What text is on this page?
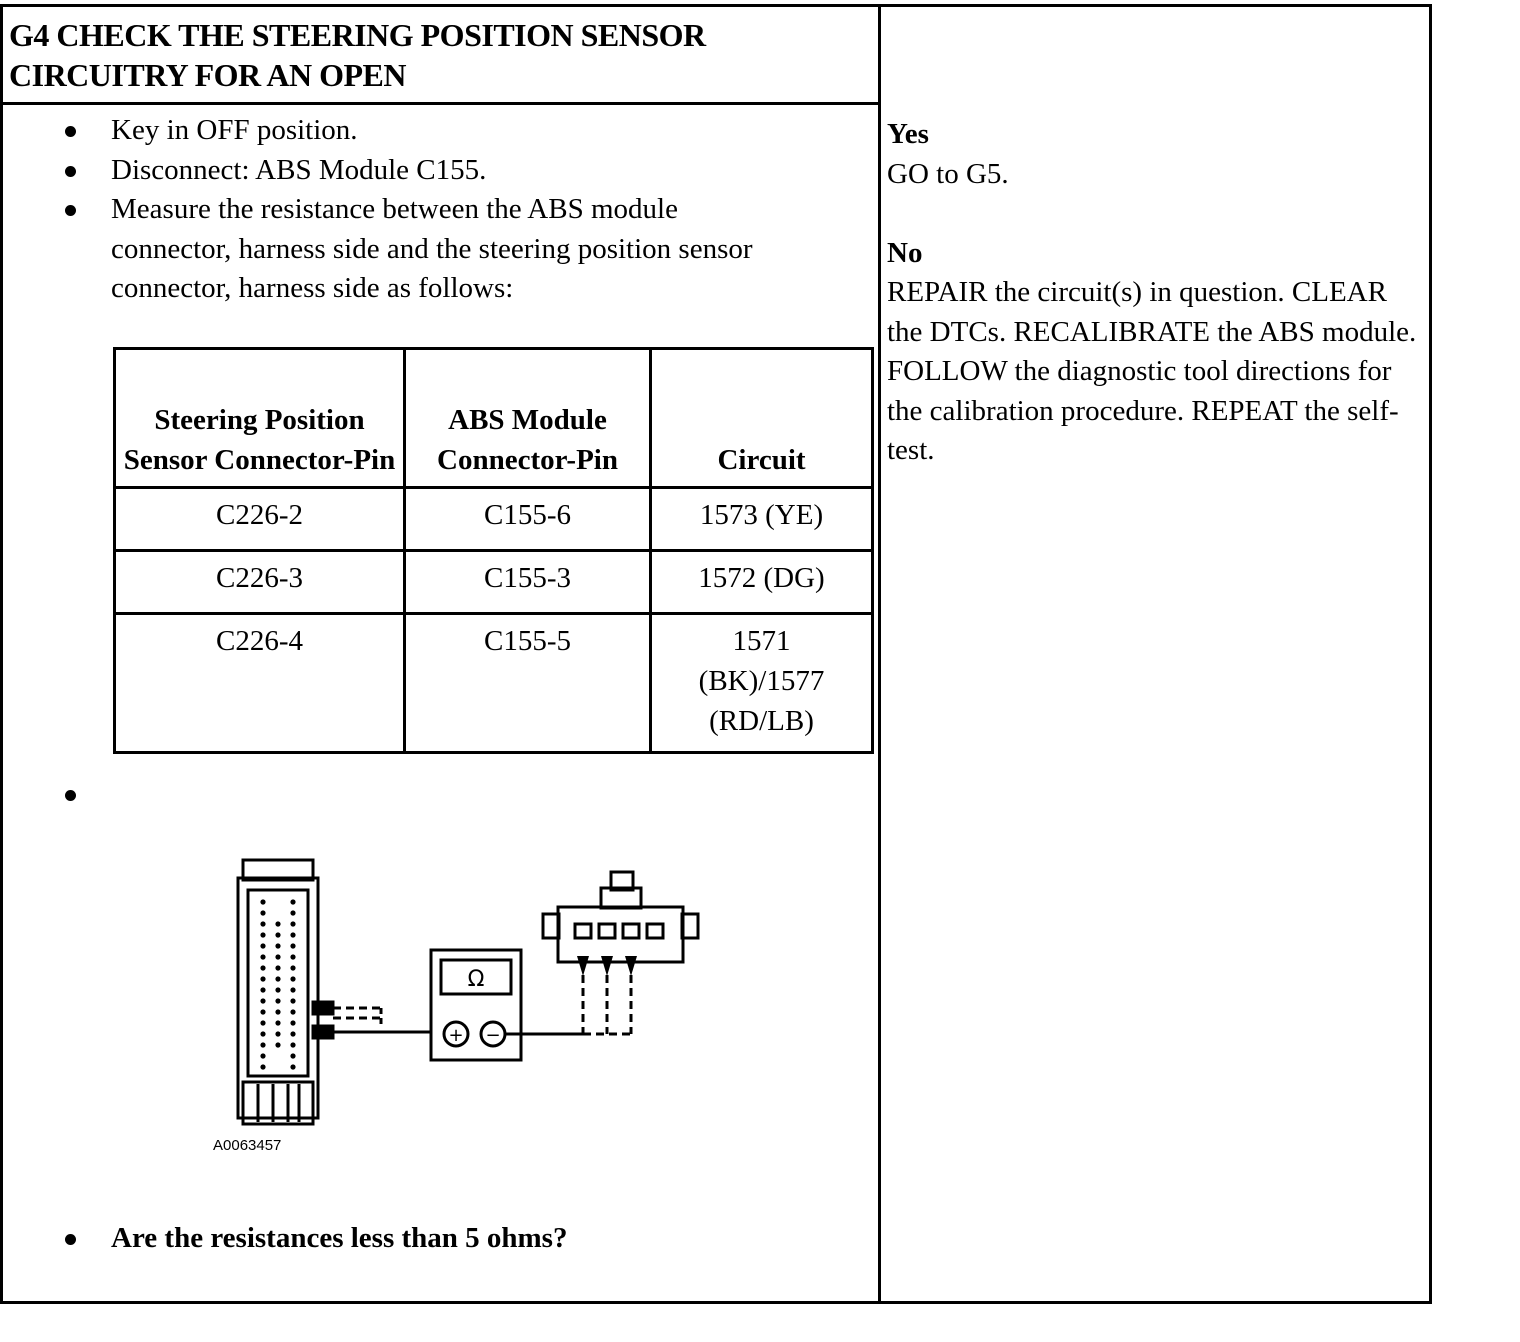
G4 CHECK THE STEERING POSITION SENSOR
CIRCUITRY FOR AN OPEN
Key in OFF position.
Disconnect: ABS Module C155.
Measure the resistance between the ABS module connector, harness side and the steering position sensor connector, harness side as follows:
Steering Position Sensor Connector-Pin	ABS Module Connector-Pin	Circuit
C226-2	C155-6	1573 (YE)
C226-3	C155-3	1572 (DG)
C226-4	C155-5	1571 (BK)/1577 (RD/LB)
Ω
+ −
A0063457
Are the resistances less than 5 ohms?
Yes
GO to G5.
No
REPAIR the circuit(s) in question. CLEAR the DTCs. RECALIBRATE the ABS module. FOLLOW the diagnostic tool directions for the calibration procedure. REPEAT the self-test.
